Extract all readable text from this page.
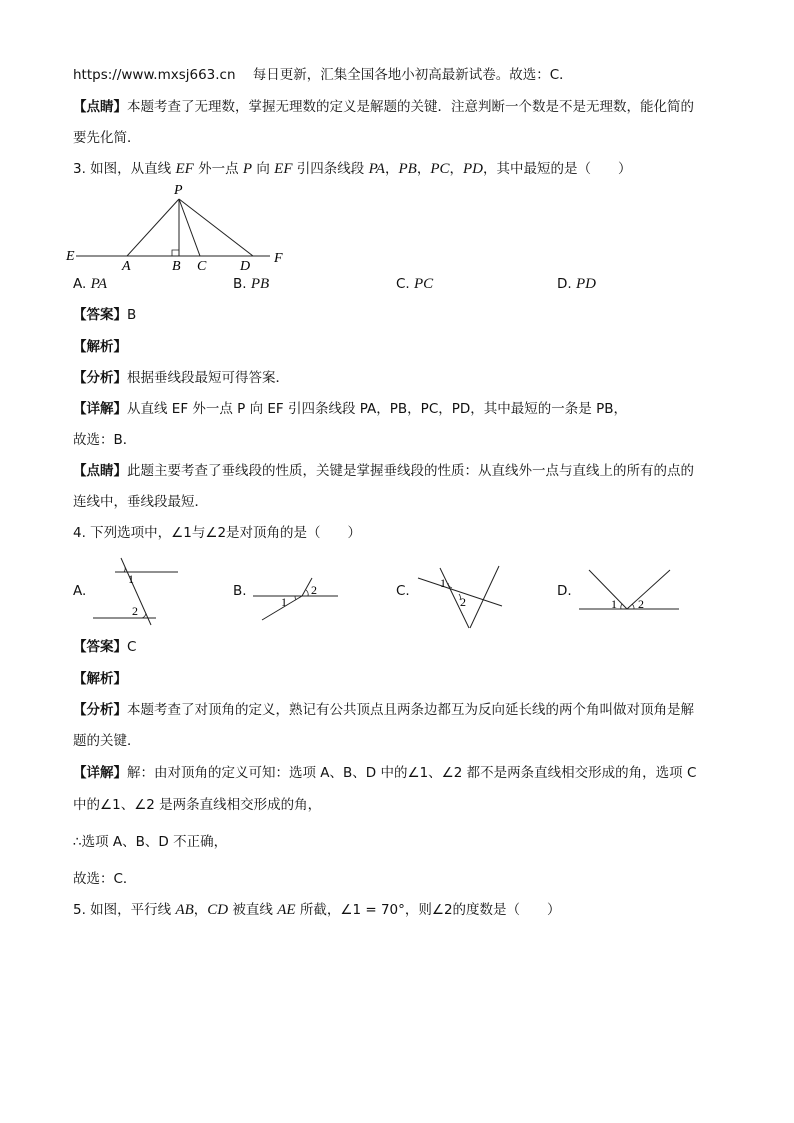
https://www.mxsj663.cn 每日更新，汇集全国各地小初高最新试卷。故选：C．
【点睛】本题考查了无理数，掌握无理数的定义是解题的关键．注意判断一个数是不是无理数，能化简的
要先化简．
3. 如图，从直线 EF 外一点 P 向 EF 引四条线段 PA，PB，PC，PD，其中最短的是（　　）
P
E
A	B C D
F
A. PA	B. PB	C. PC	D. PD
【答案】B
【解析】
【分析】根据垂线段最短可得答案．
【详解】从直线 EF 外一点 P 向 EF 引四条线段 PA，PB，PC，PD，其中最短的一条是 PB，
故选：B．
【点睛】此题主要考查了垂线段的性质，关键是掌握垂线段的性质：从直线外一点与直线上的所有的点的
连线中，垂线段最短．
4. 下列选项中，∠1与∠2是对顶角的是（　　）
A.
1
2
B.
1
2	C.	1
2
D.
1 2
【答案】C
【解析】
【分析】本题考查了对顶角的定义，熟记有公共顶点且两条边都互为反向延长线的两个角叫做对顶角是解
题的关键．
【详解】解：由对顶角的定义可知：选项 A、B、D 中的∠1、∠2 都不是两条直线相交形成的角，选项 C
中的∠1、∠2 是两条直线相交形成的角，
∴选项 A、B、D 不正确，
故选：C．
5. 如图，平行线 AB，CD 被直线 AE 所截，∠1 = 70°，则∠2的度数是（　　）
